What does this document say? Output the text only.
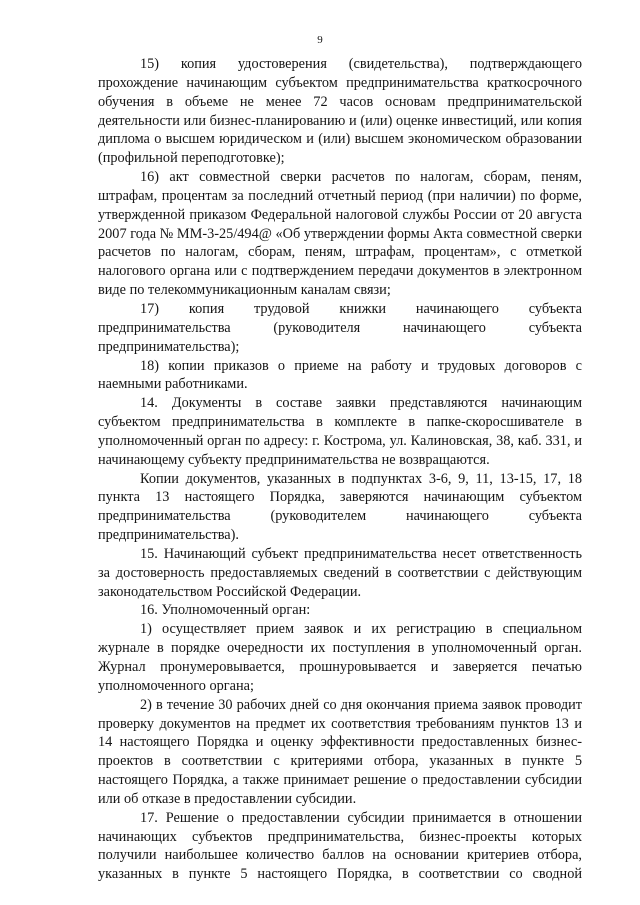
9

15) копия удостоверения (свидетельства), подтверждающего прохождение начинающим субъектом предпринимательства краткосрочного обучения в объеме не менее 72 часов основам предпринимательской деятельности или бизнес-планированию и (или) оценке инвестиций, или копия диплома о высшем юридическом и (или) высшем экономическом образовании (профильной переподготовке);

16) акт совместной сверки расчетов по налогам, сборам, пеням, штрафам, процентам за последний отчетный период (при наличии) по форме, утвержденной приказом Федеральной налоговой службы России от 20 августа 2007 года № ММ-3-25/494@ «Об утверждении формы Акта совместной сверки расчетов по налогам, сборам, пеням, штрафам, процентам», с отметкой налогового органа или с подтверждением передачи документов в электронном виде по телекоммуникационным каналам связи;

17) копия трудовой книжки начинающего субъекта предпринимательства (руководителя начинающего субъекта предпринимательства);

18) копии приказов о приеме на работу и трудовых договоров с наемными работниками.

14. Документы в составе заявки представляются начинающим субъектом предпринимательства в комплекте в папке-скоросшивателе в уполномоченный орган по адресу: г. Кострома, ул. Калиновская, 38, каб. 331, и начинающему субъекту предпринимательства не возвращаются.

Копии документов, указанных в подпунктах 3-6, 9, 11, 13-15, 17, 18 пункта 13 настоящего Порядка, заверяются начинающим субъектом предпринимательства (руководителем начинающего субъекта предпринимательства).

15. Начинающий субъект предпринимательства несет ответственность за достоверность предоставляемых сведений в соответствии с действующим законодательством Российской Федерации.

16. Уполномоченный орган:

1) осуществляет прием заявок и их регистрацию в специальном журнале в порядке очередности их поступления в уполномоченный орган. Журнал пронумеровывается, прошнуровывается и заверяется печатью уполномоченного органа;

2) в течение 30 рабочих дней со дня окончания приема заявок проводит проверку документов на предмет их соответствия требованиям пунктов 13 и 14 настоящего Порядка и оценку эффективности предоставленных бизнес-проектов в соответствии с критериями отбора, указанных в пункте 5 настоящего Порядка, а также принимает решение о предоставлении субсидии или об отказе в предоставлении субсидии.

17. Решение о предоставлении субсидии принимается в отношении начинающих субъектов предпринимательства, бизнес-проекты которых получили наибольшее количество баллов на основании критериев отбора, указанных в пункте 5 настоящего Порядка, в соответствии со сводной
